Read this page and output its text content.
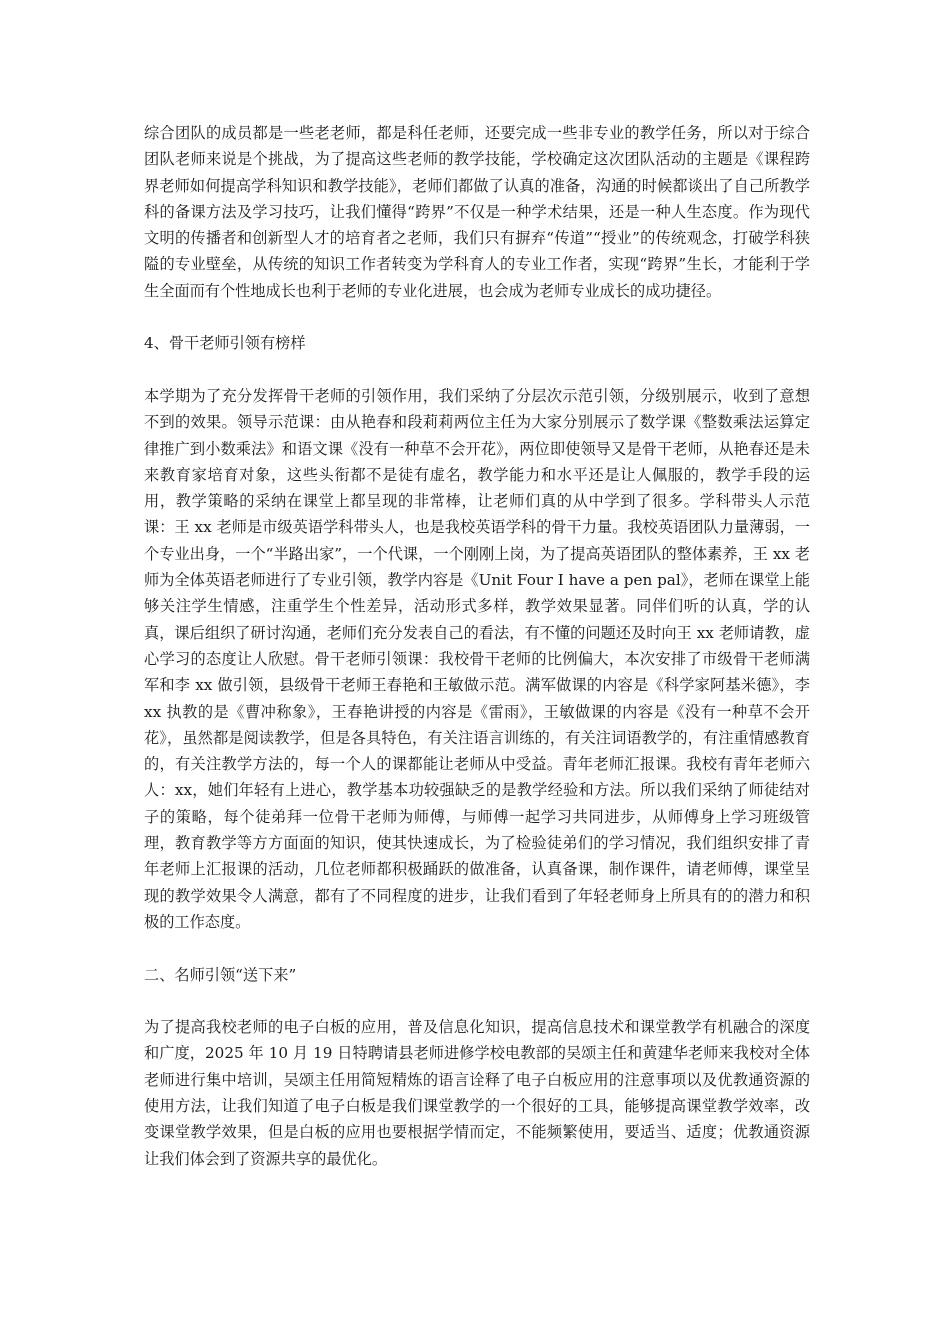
综合团队的成员都是一些老老师，都是科任老师，还要完成一些非专业的教学任务，所以对于综合团队老师来说是个挑战，为了提高这些老师的教学技能，学校确定这次团队活动的主题是《课程跨界老师如何提高学科知识和教学技能》，老师们都做了认真的准备，沟通的时候都谈出了自己所教学科的备课方法及学习技巧，让我们懂得“跨界”不仅是一种学术结果，还是一种人生态度。作为现代文明的传播者和创新型人才的培育者之老师，我们只有摒弃“传道”“授业”的传统观念，打破学科狭隘的专业壁垒，从传统的知识工作者转变为学科育人的专业工作者，实现“跨界”生长，才能利于学生全面而有个性地成长也利于老师的专业化进展，也会成为老师专业成长的成功捷径。

4、骨干老师引领有榜样

本学期为了充分发挥骨干老师的引领作用，我们采纳了分层次示范引领，分级别展示，收到了意想不到的效果。领导示范课：由从艳春和段莉莉两位主任为大家分别展示了数学课《整数乘法运算定律推广到小数乘法》和语文课《没有一种草不会开花》，两位即使领导又是骨干老师，从艳春还是未来教育家培育对象，这些头衔都不是徒有虚名，教学能力和水平还是让人佩服的，教学手段的运用，教学策略的采纳在课堂上都呈现的非常棒，让老师们真的从中学到了很多。学科带头人示范课：王 xx 老师是市级英语学科带头人，也是我校英语学科的骨干力量。我校英语团队力量薄弱，一个专业出身，一个“半路出家”，一个代课，一个刚刚上岗，为了提高英语团队的整体素养，王 xx 老师为全体英语老师进行了专业引领，教学内容是《Unit Four I have a pen pal》，老师在课堂上能够关注学生情感，注重学生个性差异，活动形式多样，教学效果显著。同伴们听的认真，学的认真，课后组织了研讨沟通，老师们充分发表自己的看法，有不懂的问题还及时向王 xx 老师请教，虚心学习的态度让人欣慰。骨干老师引领课：我校骨干老师的比例偏大，本次安排了市级骨干老师满军和李 xx 做引领，县级骨干老师王春艳和王敏做示范。满军做课的内容是《科学家阿基米德》，李 xx 执教的是《曹冲称象》，王春艳讲授的内容是《雷雨》，王敏做课的内容是《没有一种草不会开花》，虽然都是阅读教学，但是各具特色，有关注语言训练的，有关注词语教学的，有注重情感教育的，有关注教学方法的，每一个人的课都能让老师从中受益。青年老师汇报课。我校有青年老师六人：xx，她们年轻有上进心，教学基本功较强缺乏的是教学经验和方法。所以我们采纳了师徒结对子的策略，每个徒弟拜一位骨干老师为师傅，与师傅一起学习共同进步，从师傅身上学习班级管理，教育教学等方方面面的知识，使其快速成长，为了检验徒弟们的学习情况，我们组织安排了青年老师上汇报课的活动，几位老师都积极踊跃的做准备，认真备课，制作课件，请老师傅，课堂呈现的教学效果令人满意，都有了不同程度的进步，让我们看到了年轻老师身上所具有的的潜力和积极的工作态度。

二、名师引领“送下来”

为了提高我校老师的电子白板的应用，普及信息化知识，提高信息技术和课堂教学有机融合的深度和广度，2025 年 10 月 19 日特聘请县老师进修学校电教部的吴颂主任和黄建华老师来我校对全体老师进行集中培训，吴颂主任用简短精炼的语言诠释了电子白板应用的注意事项以及优教通资源的使用方法，让我们知道了电子白板是我们课堂教学的一个很好的工具，能够提高课堂教学效率，改变课堂教学效果，但是白板的应用也要根据学情而定，不能频繁使用，要适当、适度；优教通资源让我们体会到了资源共享的最优化。
